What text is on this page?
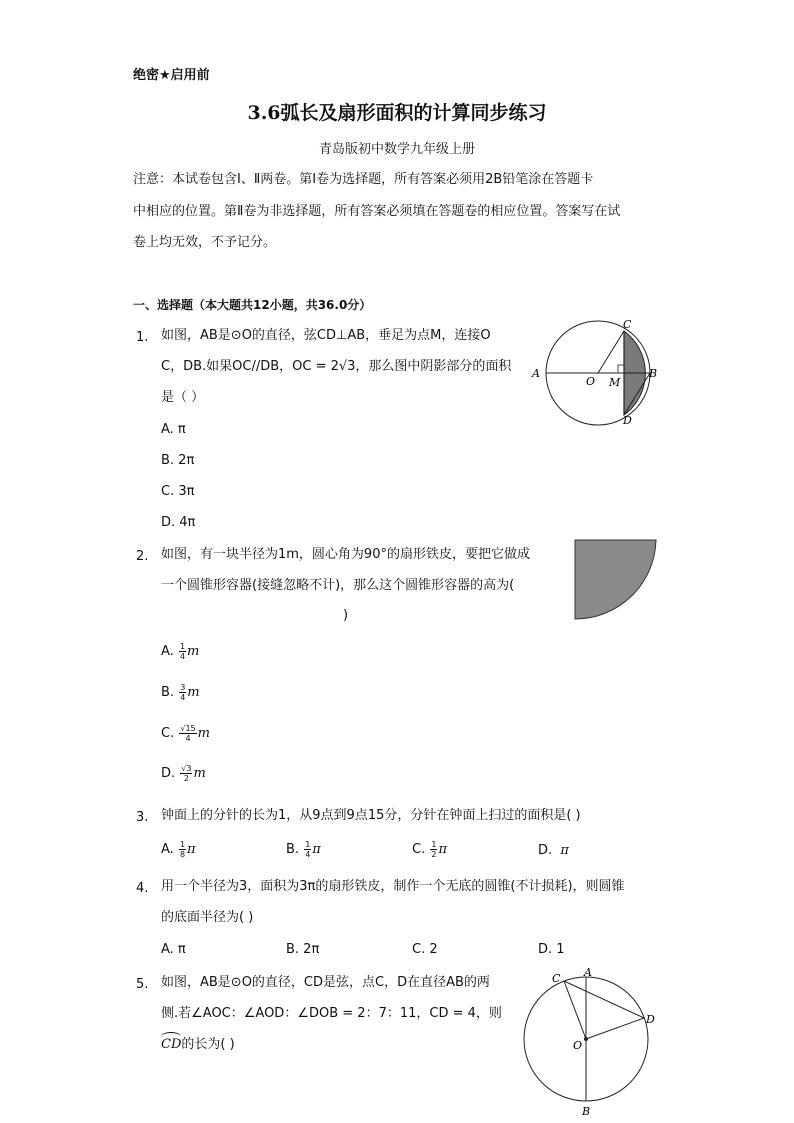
绝密★启用前
3.6弧长及扇形面积的计算同步练习
青岛版初中数学九年级上册
注意：本试卷包含Ⅰ、Ⅱ两卷。第Ⅰ卷为选择题，所有答案必须用2B铅笔涂在答题卡
中相应的位置。第Ⅱ卷为非选择题，所有答案必须填在答题卷的相应位置。答案写在试
卷上均无效，不予记分。
一、选择题（本大题共12小题，共36.0分）
1. 如图，AB是⊙O的直径，弦CD⊥AB，垂足为点M，连接O
C，DB.如果OC//DB，OC = 2√3，那么图中阴影部分的面积
是（ ）
A. π
B. 2π
C. 3π
D. 4π
C
D
A	B
O M
2. 如图，有一块半径为1m，圆心角为90°的扇形铁皮，要把它做成
一个圆锥形容器(接缝忽略不计)，那么这个圆锥形容器的高为(
)
A. $\frac{1}{4}$ m
B. $\frac{3}{4}$ m
C. $\frac{√15}{4}$ m
D. $\frac{√3}{2}$ m
3. 钟面上的分针的长为1，从9点到9点15分，分针在钟面上扫过的面积是( )
A. $\frac{1}{8}$ π	B. $\frac{1}{4}$ π	C. $\frac{1}{2}$ π	D. π
4. 用一个半径为3，面积为3π的扇形铁皮，制作一个无底的圆锥(不计损耗)，则圆锥
的底面半径为( )
A. π	B. 2π	C. 2	D. 1
5. 如图，AB是⊙O的直径，CD是弦，点C，D在直径AB的两
侧.若∠AOC：∠AOD：∠DOB = 2：7：11，CD = 4，则
CD的长为( )
C A
D
O
B
